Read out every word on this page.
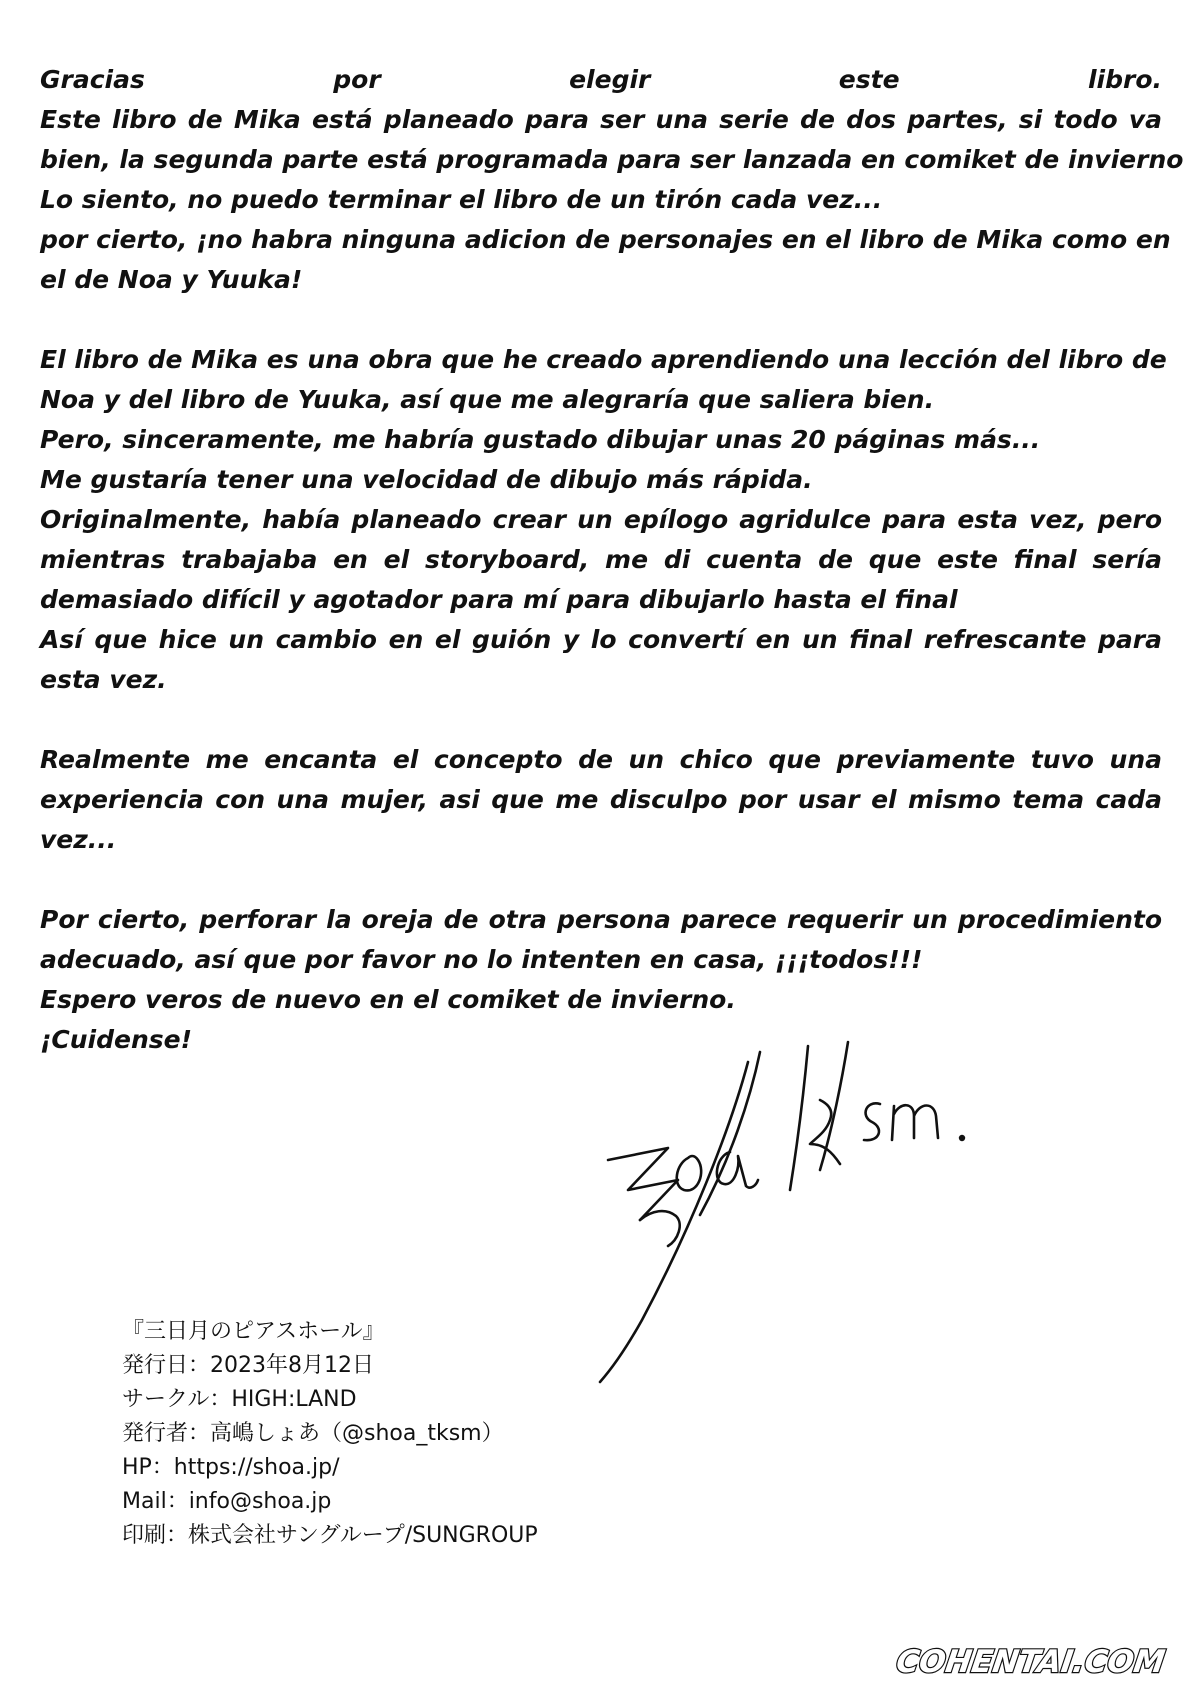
Gracias por elegir este libro.
Este libro de Mika está planeado para ser una serie de dos partes, si todo va
bien, la segunda parte está programada para ser lanzada en comiket de invierno
Lo siento, no puedo terminar el libro de un tirón cada vez...
por cierto, ¡no habra ninguna adicion de personajes en el libro de Mika como en
el de Noa y Yuuka!
El libro de Mika es una obra que he creado aprendiendo una lección del libro de
Noa y del libro de Yuuka, así que me alegraría que saliera bien.
Pero, sinceramente, me habría gustado dibujar unas 20 páginas más...
Me gustaría tener una velocidad de dibujo más rápida.
Originalmente, había planeado crear un epílogo agridulce para esta vez, pero
mientras trabajaba en el storyboard, me di cuenta de que este final sería
demasiado difícil y agotador para mí para dibujarlo hasta el final
Así que hice un cambio en el guión y lo convertí en un final refrescante para
esta vez.
Realmente me encanta el concepto de un chico que previamente tuvo una
experiencia con una mujer, asi que me disculpo por usar el mismo tema cada
vez...
Por cierto, perforar la oreja de otra persona parece requerir un procedimiento
adecuado, así que por favor no lo intenten en casa, ¡¡¡todos!!!
Espero veros de nuevo en el comiket de invierno.
¡Cuidense!	shoa tksm.
『三日月のピアスホール』
発行日：2023年8月12日
サークル：HIGH:LAND
発行者：高嶋しょあ（@shoa_tksm）
HP：https://shoa.jp/
Mail：info@shoa.jp
印刷：株式会社サングループ/SUNGROUP
COHENTAI.COM
